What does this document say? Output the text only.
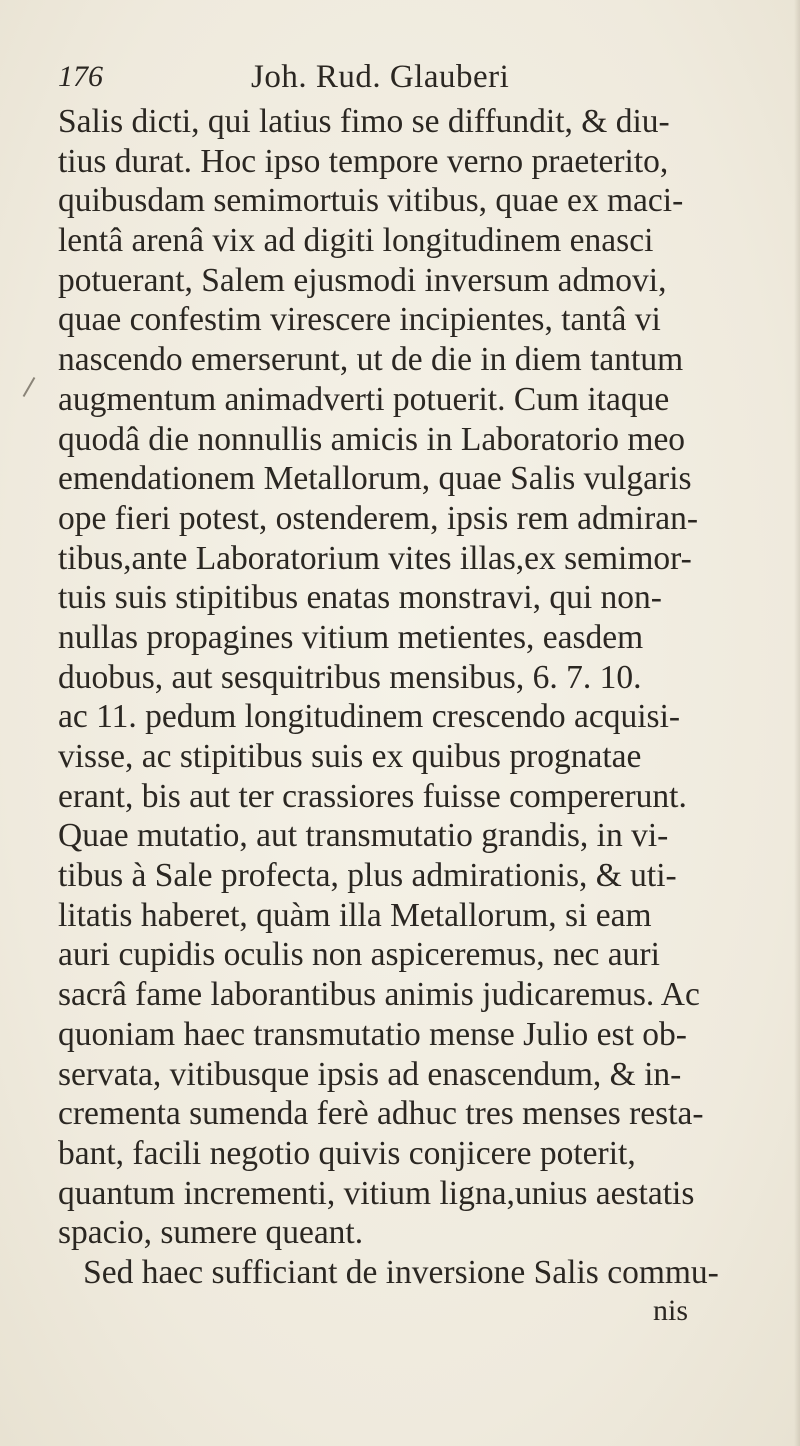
176	Joh. Rud. Glauberi
Salis dicti, qui latius fimo se diffundit, & diu-
tius durat. Hoc ipso tempore verno praeterito,
quibusdam semimortuis vitibus, quae ex maci-
lentâ arenâ vix ad digiti longitudinem enasci
potuerant, Salem ejusmodi inversum admovi,
quae confestim virescere incipientes, tantâ vi
nascendo emerserunt, ut de die in diem tantum
augmentum animadverti potuerit. Cum itaque
quodâ die nonnullis amicis in Laboratorio meo
emendationem Metallorum, quae Salis vulgaris
ope fieri potest, ostenderem, ipsis rem admiran-
tibus,ante Laboratorium vites illas,ex semimor-
tuis suis stipitibus enatas monstravi, qui non-
nullas propagines vitium metientes, easdem
duobus, aut sesquitribus mensibus, 6. 7. 10.
ac 11. pedum longitudinem crescendo acquisi-
visse, ac stipitibus suis ex quibus prognatae
erant, bis aut ter crassiores fuisse compererunt.
Quae mutatio, aut transmutatio grandis, in vi-
tibus à Sale profecta, plus admirationis, & uti-
litatis haberet, quàm illa Metallorum, si eam
auri cupidis oculis non aspiceremus, nec auri
sacrâ fame laborantibus animis judicaremus. Ac
quoniam haec transmutatio mense Julio est ob-
servata, vitibusque ipsis ad enascendum, & in-
crementa sumenda ferè adhuc tres menses resta-
bant, facili negotio quivis conjicere poterit,
quantum incrementi, vitium ligna,unius aestatis
spacio, sumere queant.
Sed haec sufficiant de inversione Salis commu-
nis
